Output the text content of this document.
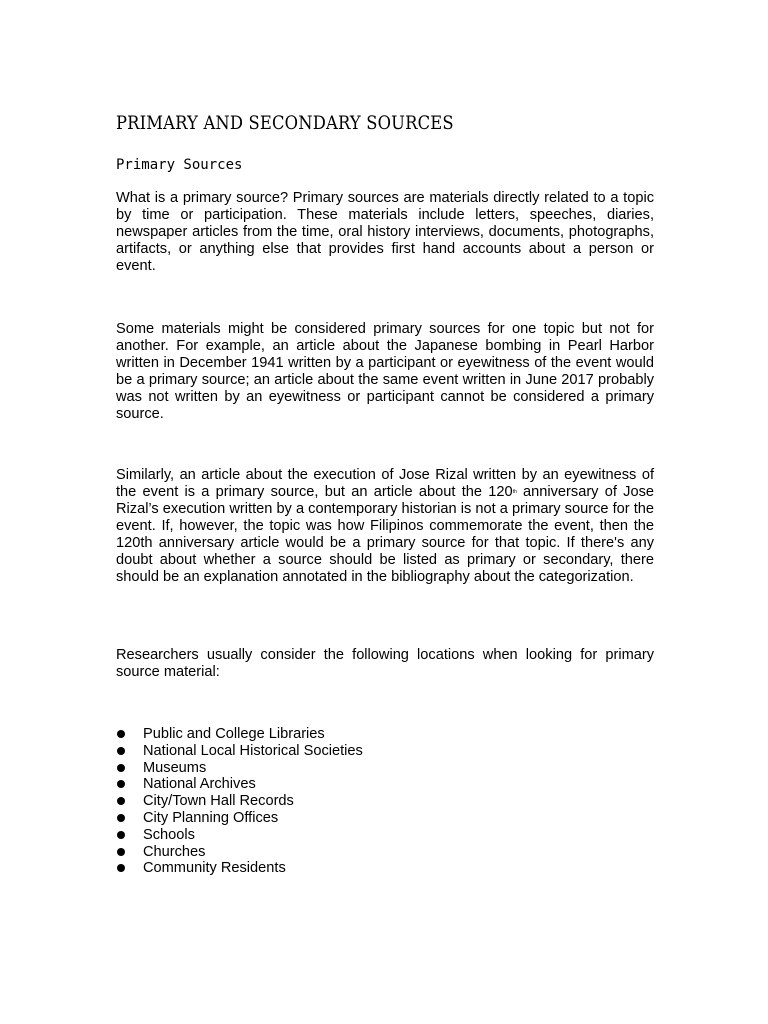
PRIMARY AND SECONDARY SOURCES
Primary Sources

What is a primary source? Primary sources are materials directly related to a topic by time or participation. These materials include letters, speeches, diaries, newspaper articles from the time, oral history interviews, documents, photographs, artifacts, or anything else that provides first hand accounts about a person or event.

Some materials might be considered primary sources for one topic but not for another. For example, an article about the Japanese bombing in Pearl Harbor written in December 1941 written by a participant or eyewitness of the event would be a primary source; an article about the same event written in June 2017 probably was not written by an eyewitness or participant cannot be considered a primary source.

Similarly, an article about the execution of Jose Rizal written by an eyewitness of the event is a primary source, but an article about the 120th anniversary of Jose Rizal’s execution written by a contemporary historian is not a primary source for the event. If, however, the topic was how Filipinos commemorate the event, then the 120th anniversary article would be a primary source for that topic. If there's any doubt about whether a source should be listed as primary or secondary, there should be an explanation annotated in the bibliography about the categorization.

Researchers usually consider the following locations when looking for primary source material:

Public and College Libraries
National Local Historical Societies
Museums
National Archives
City/Town Hall Records
City Planning Offices
Schools
Churches
Community Residents
